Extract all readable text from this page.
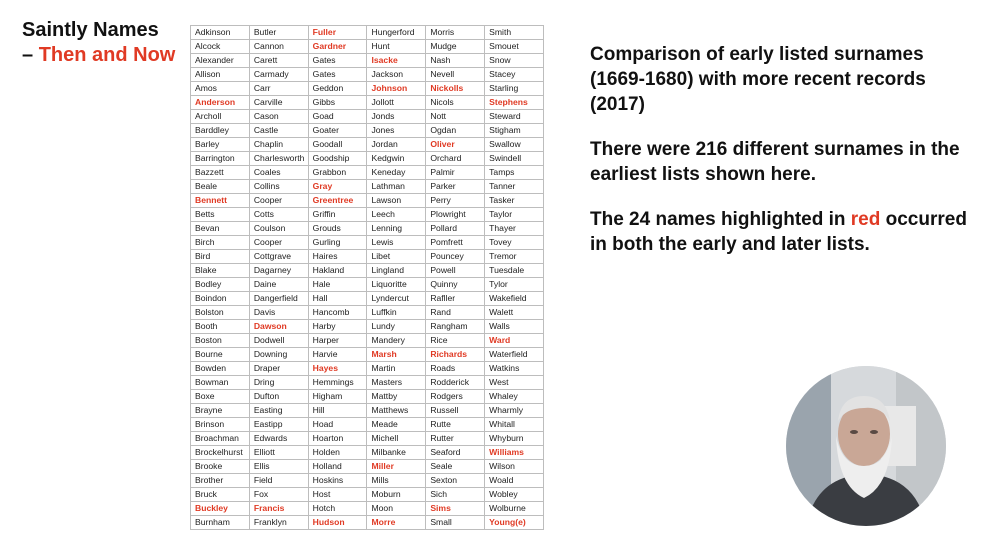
Saintly Names
– Then and Now
Adkinson	Butler	Fuller	Hungerford	Morris	Smith
Alcock	Cannon	Gardner	Hunt	Mudge	Smouet
Alexander	Carett	Gates	Isacke	Nash	Snow
Allison	Carmady	Gates	Jackson	Nevell	Stacey
Amos	Carr	Geddon	Johnson	Nickolls	Starling
Anderson	Carville	Gibbs	Jollott	Nicols	Stephens
Archoll	Cason	Goad	Jonds	Nott	Steward
Barddley	Castle	Goater	Jones	Ogdan	Stigham
Barley	Chaplin	Goodall	Jordan	Oliver	Swallow
Barrington	Charlesworth	Goodship	Kedgwin	Orchard	Swindell
Bazzett	Coales	Grabbon	Keneday	Palmir	Tamps
Beale	Collins	Gray	Lathman	Parker	Tanner
Bennett	Cooper	Greentree	Lawson	Perry	Tasker
Betts	Cotts	Griffin	Leech	Plowright	Taylor
Bevan	Coulson	Grouds	Lenning	Pollard	Thayer
Birch	Cooper	Gurling	Lewis	Pomfrett	Tovey
Bird	Cottgrave	Haires	Libet	Pouncey	Tremor
Blake	Dagarney	Hakland	Lingland	Powell	Tuesdale
Bodley	Daine	Hale	Liquoritte	Quinny	Tylor
Boindon	Dangerfield	Hall	Lyndercut	Rafller	Wakefield
Bolston	Davis	Hancomb	Luffkin	Rand	Walett
Booth	Dawson	Harby	Lundy	Rangham	Walls
Boston	Dodwell	Harper	Mandery	Rice	Ward
Bourne	Downing	Harvie	Marsh	Richards	Waterfield
Bowden	Draper	Hayes	Martin	Roads	Watkins
Bowman	Dring	Hemmings	Masters	Rodderick	West
Boxe	Dufton	Higham	Mattby	Rodgers	Whaley
Brayne	Easting	Hill	Matthews	Russell	Wharmly
Brinson	Eastipp	Hoad	Meade	Rutte	Whitall
Broachman	Edwards	Hoarton	Michell	Rutter	Whyburn
Brockelhurst	Elliott	Holden	Milbanke	Seaford	Williams
Brooke	Ellis	Holland	Miller	Seale	Wilson
Brother	Field	Hoskins	Mills	Sexton	Woald
Bruck	Fox	Host	Moburn	Sich	Wobley
Buckley	Francis	Hotch	Moon	Sims	Wolburne
Burnham	Franklyn	Hudson	Morre	Small	Young(e)

Comparison of early listed surnames (1669-1680) with more recent records (2017)

There were 216 different surnames in the earliest lists shown here.

The 24 names highlighted in red occurred in both the early and later lists.
